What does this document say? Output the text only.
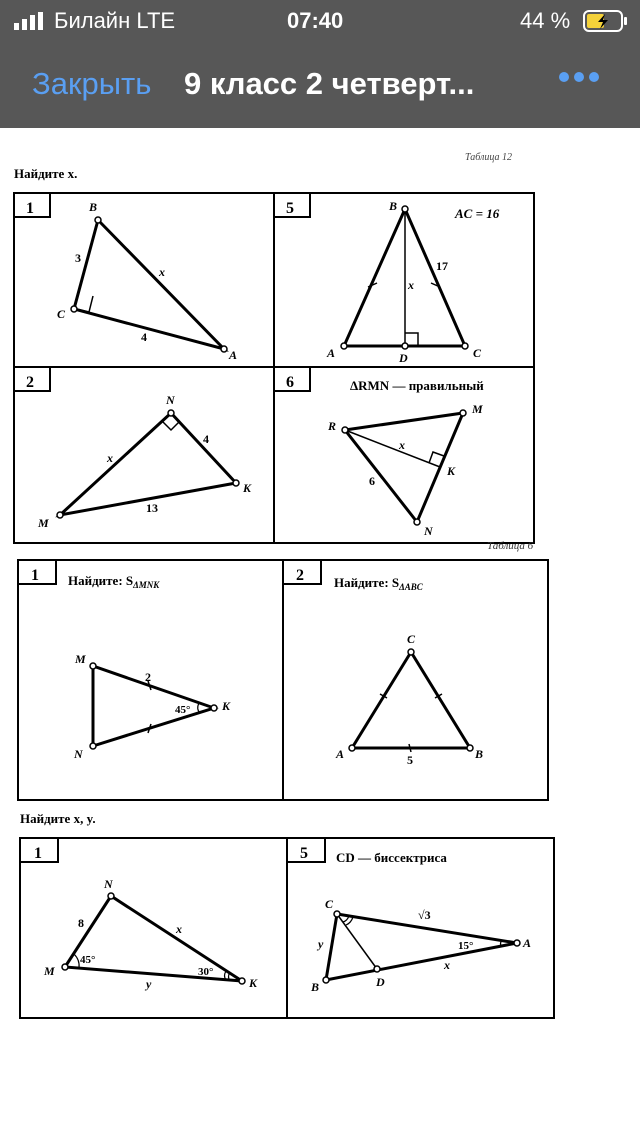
Билайн LTE	07:40	44 %
Закрыть 9 класс 2 четверт...
Найдите x.
Таблица 12
1	5
2	6
B
C
A
3
4
x
AC = 16
B
A	D	C
x
17
N
M
K
4
13
x
ΔRMN — правильный
R
M
K
N
x
6
Таблица 6
1	2
Найдите: $S_{\Delta MNK}$	Найдите: $S_{\Delta ABC}$
M
N
K
2
45°
C
A	B
5
Найдите x, y.
1	5
N
M
K
8	x
y
45°
30°
CD — биссектриса
C
B	D
A
√3
y
x
15°
